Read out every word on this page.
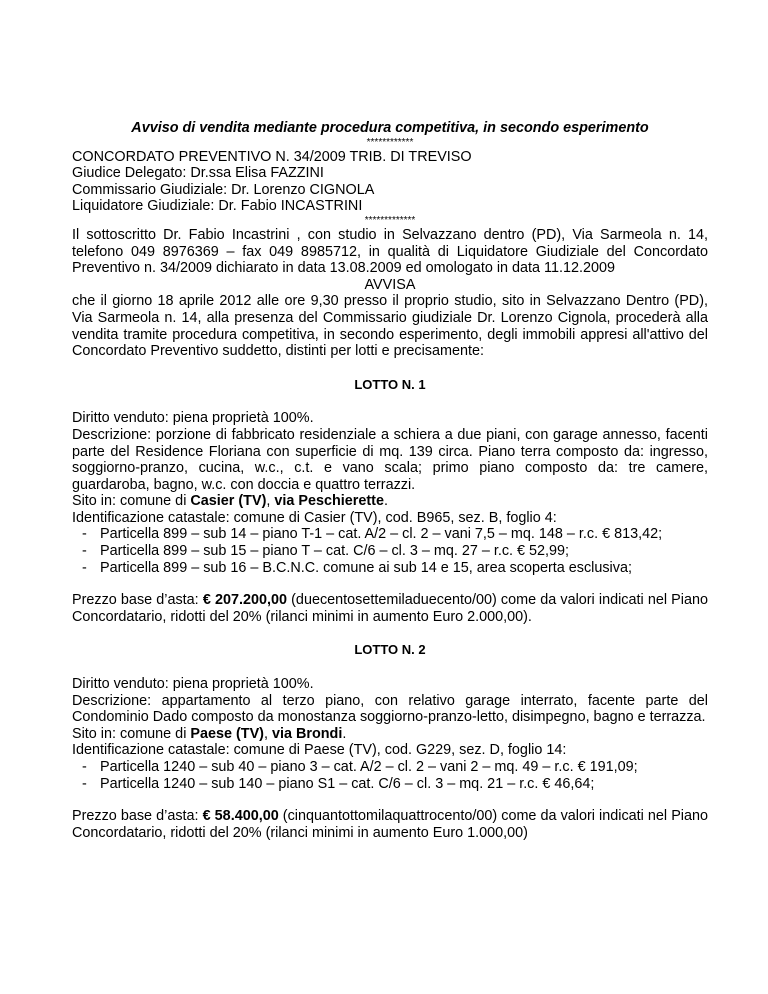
Avviso di vendita mediante procedura competitiva, in secondo esperimento

************

CONCORDATO PREVENTIVO N. 34/2009 TRIB. DI TREVISO

Giudice Delegato: Dr.ssa Elisa FAZZINI

Commissario Giudiziale: Dr. Lorenzo CIGNOLA

Liquidatore Giudiziale: Dr. Fabio INCASTRINI

*************

Il sottoscritto Dr. Fabio Incastrini , con studio in Selvazzano dentro (PD), Via Sarmeola n. 14, telefono 049 8976369 – fax 049 8985712, in qualità di Liquidatore Giudiziale del Concordato Preventivo n. 34/2009 dichiarato in data 13.08.2009 ed omologato in data 11.12.2009

AVVISA

che il giorno 18 aprile 2012 alle ore 9,30 presso il proprio studio, sito in Selvazzano Dentro (PD), Via Sarmeola n. 14, alla presenza del Commissario giudiziale Dr. Lorenzo Cignola, procederà alla vendita tramite procedura competitiva, in secondo esperimento, degli immobili appresi all'attivo del Concordato Preventivo suddetto, distinti per lotti e precisamente:

LOTTO N. 1

Diritto venduto: piena proprietà 100%.

Descrizione: porzione di fabbricato residenziale a schiera a due piani, con garage annesso, facenti parte del Residence Floriana con superficie di mq. 139 circa. Piano terra composto da: ingresso, soggiorno-pranzo, cucina, w.c., c.t. e vano scala; primo piano composto da: tre camere, guardaroba, bagno, w.c. con doccia e quattro terrazzi.

Sito in: comune di Casier (TV), via Peschierette.

Identificazione catastale: comune di Casier (TV), cod. B965, sez. B, foglio 4:

- Particella 899 – sub 14 – piano T-1 – cat. A/2 – cl. 2 – vani 7,5 – mq. 148 – r.c. € 813,42;
- Particella 899 – sub 15 – piano T – cat. C/6 – cl. 3 – mq. 27 – r.c. € 52,99;
- Particella 899 – sub 16 – B.C.N.C. comune ai sub 14 e 15, area scoperta esclusiva;

Prezzo base d’asta: € 207.200,00 (duecentosettemiladuecento/00) come da valori indicati nel Piano Concordatario, ridotti del 20% (rilanci minimi in aumento Euro 2.000,00).

LOTTO N. 2

Diritto venduto: piena proprietà 100%.

Descrizione: appartamento al terzo piano, con relativo garage interrato, facente parte del Condominio Dado composto da monostanza soggiorno-pranzo-letto, disimpegno, bagno e terrazza.

Sito in: comune di Paese (TV), via Brondi.

Identificazione catastale: comune di Paese (TV), cod. G229, sez. D, foglio 14:

- Particella 1240 – sub 40 – piano 3 – cat. A/2 – cl. 2 – vani 2 – mq. 49 – r.c. € 191,09;
- Particella 1240 – sub 140 – piano S1 – cat. C/6 – cl. 3 – mq. 21 – r.c. € 46,64;

Prezzo base d’asta: € 58.400,00 (cinquantottomilaquattrocento/00) come da valori indicati nel Piano Concordatario, ridotti del 20% (rilanci minimi in aumento Euro 1.000,00)
